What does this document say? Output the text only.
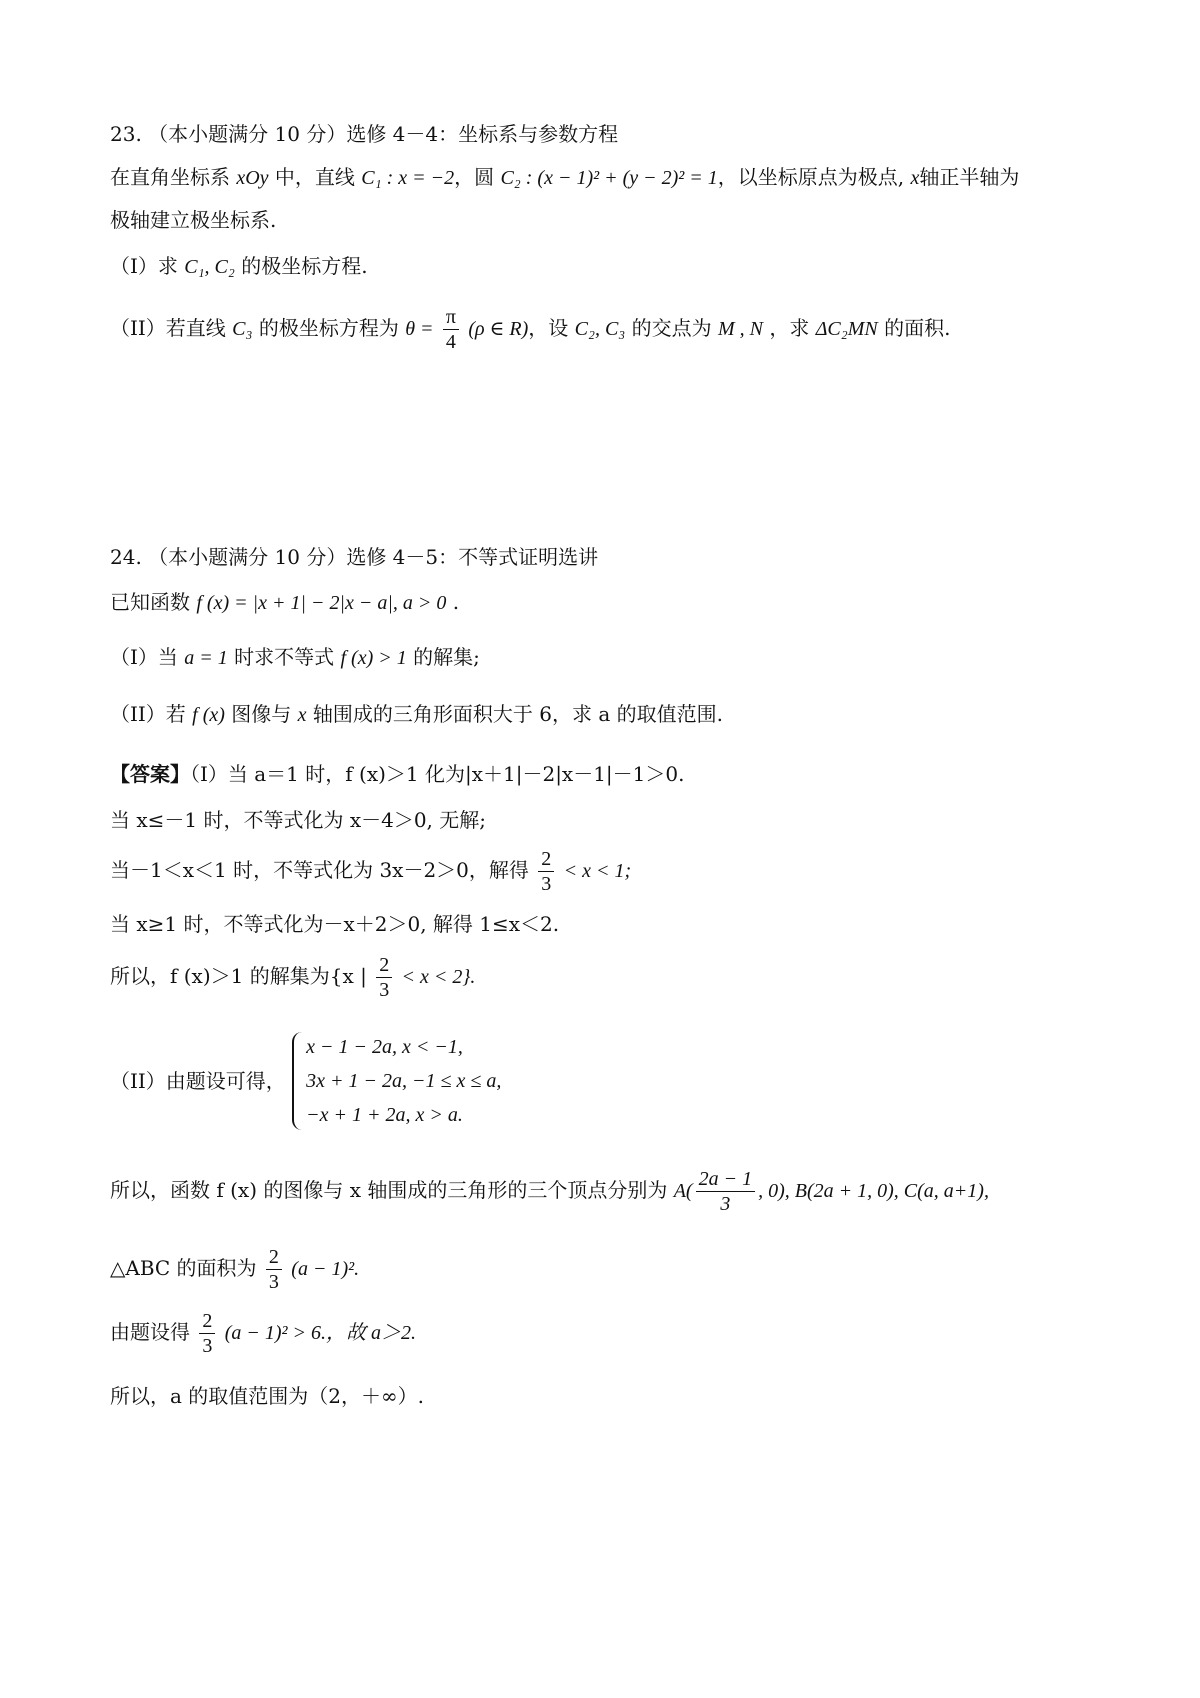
23. （本小题满分 10 分）选修 4－4：坐标系与参数方程
在直角坐标系 xOy 中，直线 C₁ : x = −2，圆 C₂ : (x − 1)² + (y − 2)² = 1，以坐标原点为极点, x轴正半轴为
极轴建立极坐标系.
（I）求 C₁, C₂ 的极坐标方程.
（II）若直线 C₃ 的极坐标方程为 $\theta = \frac{\pi}{4} (\rho$ ∈ R)，设 C₂, C₃ 的交点为 M , N ，求 ΔC₂MN 的面积.
24. （本小题满分 10 分）选修 4－5：不等式证明选讲
已知函数 f (x) = |x + 1| − 2|x − a|, a > 0 .
（I）当 a = 1 时求不等式 f (x) > 1 的解集;
（II）若 f (x) 图像与 x 轴围成的三角形面积大于 6，求 a 的取值范围.
【答案】（I）当 a＝1 时，f (x)＞1 化为|x＋1|－2|x－1|－1＞0.
当 x≤－1 时，不等式化为 x－4＞0, 无解;
当－1＜x＜1 时，不等式化为 3x－2＞0，解得 $\frac{2}{3} < x < 1$;
当 x≥1 时，不等式化为－x＋2＞0, 解得 1≤x＜2.
所以，f (x)＞1 的解集为{x | $\frac{2}{3} < x < 2$}.
（II）由题设可得，
x − 1 − 2a, x < −1,
3x + 1 − 2a, −1 ≤ x ≤ a,
−x + 1 + 2a, x > a.
所以，函数 f (x) 的图像与 x 轴围成的三角形的三个顶点分别为 $A( \frac{2a - 1}{3}$ , 0), B(2a + 1, 0), C(a, a+1),
△ABC 的面积为 $\frac{2}{3} (a - 1)^2$.
由题设得 $\frac{2}{3} (a - 1)^2 > 6$.，故 a＞2.
所以，a 的取值范围为（2，＋∞）.
